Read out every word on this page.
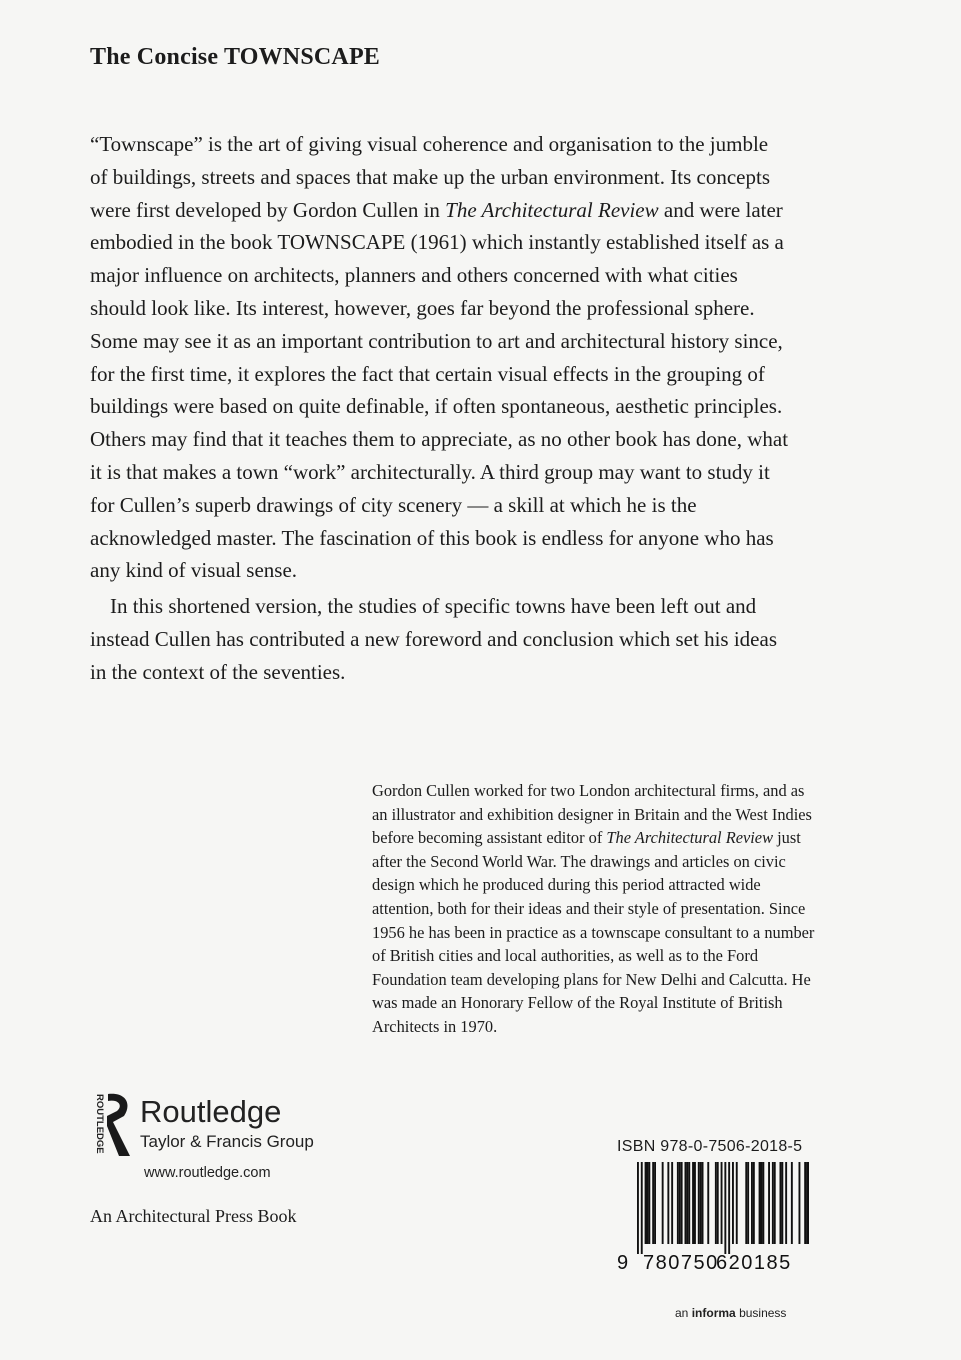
The Concise TOWNSCAPE

“Townscape” is the art of giving visual coherence and organisation to the jumble of buildings, streets and spaces that make up the urban environment. Its concepts were first developed by Gordon Cullen in The Architectural Review and were later embodied in the book TOWNSCAPE (1961) which instantly established itself as a major influence on architects, planners and others concerned with what cities should look like. Its interest, however, goes far beyond the professional sphere. Some may see it as an important contribution to art and architectural history since, for the first time, it explores the fact that certain visual effects in the grouping of buildings were based on quite definable, if often spontaneous, aesthetic principles. Others may find that it teaches them to appreciate, as no other book has done, what it is that makes a town “work” architecturally. A third group may want to study it for Cullen’s superb drawings of city scenery — a skill at which he is the acknowledged master. The fascination of this book is endless for anyone who has any kind of visual sense.

In this shortened version, the studies of specific towns have been left out and instead Cullen has contributed a new foreword and conclusion which set his ideas in the context of the seventies.

Gordon Cullen worked for two London architectural firms, and as an illustrator and exhibition designer in Britain and the West Indies before becoming assistant editor of The Architectural Review just after the Second World War. The drawings and articles on civic design which he produced during this period attracted wide attention, both for their ideas and their style of presentation. Since 1956 he has been in practice as a townscape consultant to a number of British cities and local authorities, as well as to the Ford Foundation team developing plans for New Delhi and Calcutta. He was made an Honorary Fellow of the Royal Institute of British Architects in 1970.

ROUTLEDGE Routledge
Taylor & Francis Group
www.routledge.com
An Architectural Press Book
ISBN 978-0-7506-2018-5
9 780750
620185
an informa business
